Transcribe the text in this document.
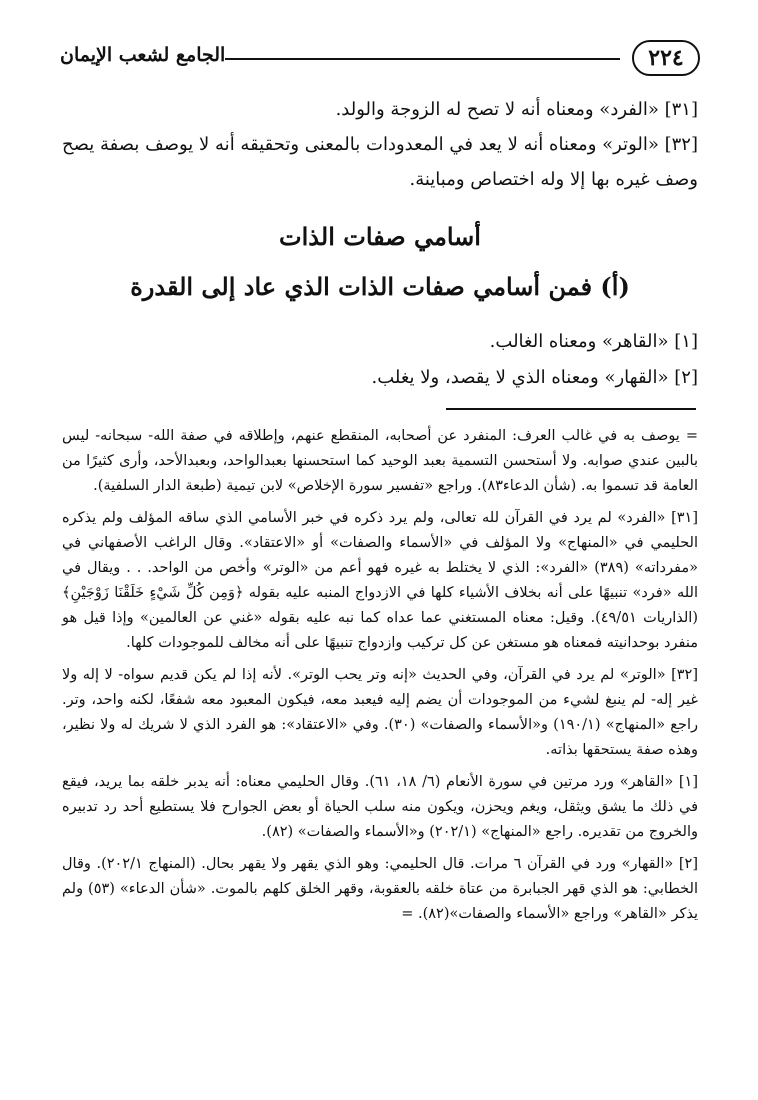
٢٢٤
الجامع لشعب الإيمان

[٣١] «الفرد» ومعناه أنه لا تصح له الزوجة والولد.

[٣٢] «الوتر» ومعناه أنه لا يعد في المعدودات بالمعنى وتحقيقه أنه لا يوصف بصفة يصح وصف غيره بها إلا وله اختصاص ومباينة.

أسامي صفات الذات
(أ) فمن أسامي صفات الذات الذي عاد إلى القدرة

[١] «القاهر» ومعناه الغالب.

[٢] «القهار» ومعناه الذي لا يقصد، ولا يغلب.

= يوصف به في غالب العرف: المنفرد عن أصحابه، المنقطع عنهم، وإطلاقه في صفة الله- سبحانه- ليس بالبين عندي صوابه. ولا أستحسن التسمية بعبد الوحيد كما استحسنها بعبدالواحد، وبعبدالأحد، وأرى كثيرًا من العامة قد تسموا به. (شأن الدعاء٨٣). وراجع «تفسير سورة الإخلاص» لابن تيمية (طبعة الدار السلفية).

[٣١] «الفرد» لم يرد في القرآن لله تعالى، ولم يرد ذكره في خبر الأسامي الذي ساقه المؤلف ولم يذكره الحليمي في «المنهاج» ولا المؤلف في «الأسماء والصفات» أو «الاعتقاد». وقال الراغب الأصفهاني في «مفرداته» (٣٨٩) «الفرد»: الذي لا يختلط به غيره فهو أعم من «الوتر» وأخص من الواحد. . . ويقال في الله «فرد» تنبيهًا على أنه بخلاف الأشياء كلها في الازدواج المنبه عليه بقوله ﴿وَمِن كُلِّ شَيْءٍ خَلَقْنَا زَوْجَيْنِ﴾ (الذاريات ٤٩/٥١). وقيل: معناه المستغني عما عداه كما نبه عليه بقوله «غني عن العالمين» وإذا قيل هو منفرد بوحدانيته فمعناه هو مستغن عن كل تركيب وازدواج تنبيهًا على أنه مخالف للموجودات كلها.

[٣٢] «الوتر» لم يرد في القرآن، وفي الحديث «إنه وتر يحب الوتر». لأنه إذا لم يكن قديم سواه- لا إله ولا غير إله- لم ينبغ لشيء من الموجودات أن يضم إليه فيعبد معه، فيكون المعبود معه شفعًا، لكنه واحد، وتر. راجع «المنهاج» (١٩٠/١) و«الأسماء والصفات» (٣٠). وفي «الاعتقاد»: هو الفرد الذي لا شريك له ولا نظير، وهذه صفة يستحقها بذاته.

[١] «القاهر» ورد مرتين في سورة الأنعام (٦/ ١٨، ٦١). وقال الحليمي معناه: أنه يدبر خلقه بما يريد، فيقع في ذلك ما يشق ويثقل، ويغم ويحزن، ويكون منه سلب الحياة أو بعض الجوارح فلا يستطيع أحد رد تدبيره والخروج من تقديره. راجع «المنهاج» (٢٠٢/١) و«الأسماء والصفات» (٨٢).

[٢] «القهار» ورد في القرآن ٦ مرات. قال الحليمي: وهو الذي يقهر ولا يقهر بحال. (المنهاج ٢٠٢/١). وقال الخطابي: هو الذي قهر الجبابرة من عتاة خلقه بالعقوبة، وقهر الخلق كلهم بالموت. «شأن الدعاء» (٥٣) ولم يذكر «القاهر» وراجع «الأسماء والصفات»(٨٢). =
